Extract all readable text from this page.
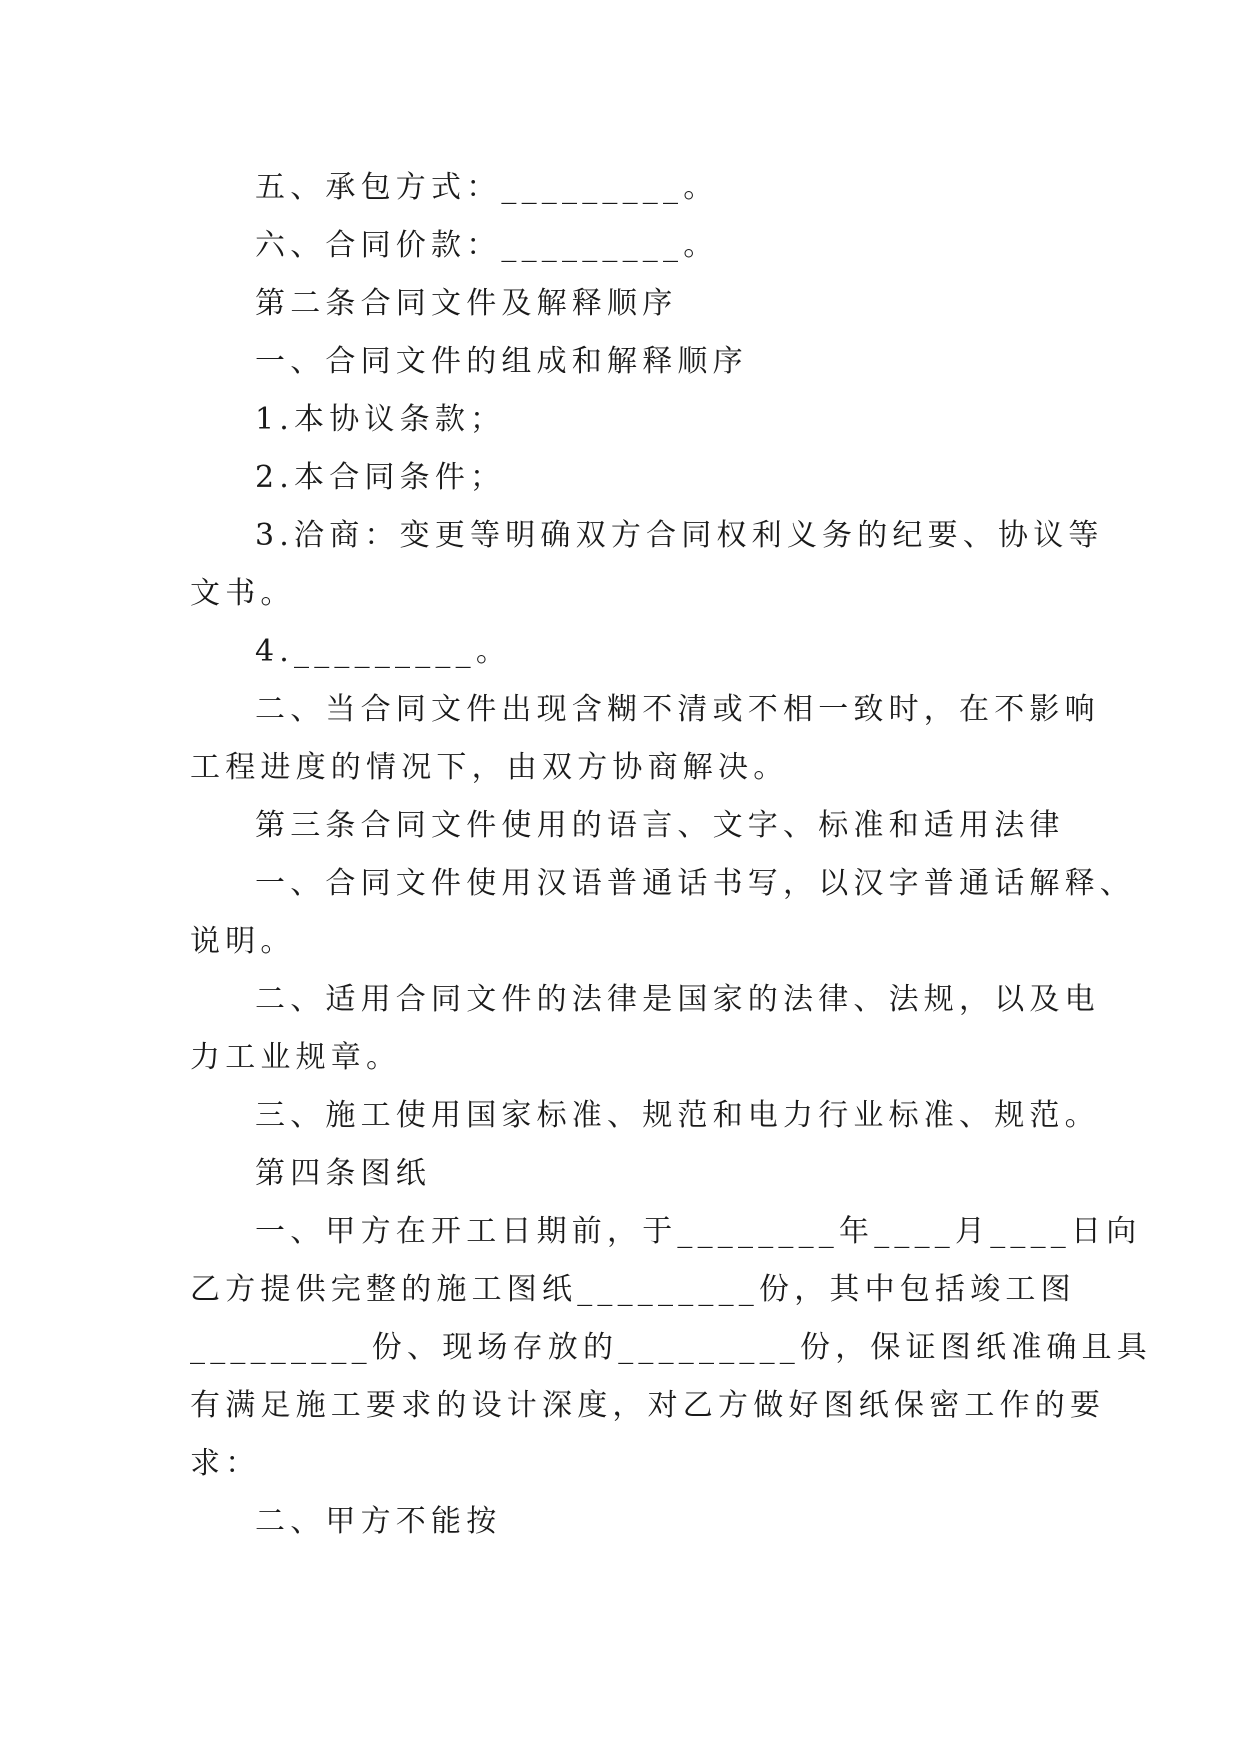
五、承包方式：_________。
六、合同价款：_________。
第二条合同文件及解释顺序
一、合同文件的组成和解释顺序
1.本协议条款；
2.本合同条件；
3.洽商：变更等明确双方合同权利义务的纪要、协议等
文书。
4._________。
二、当合同文件出现含糊不清或不相一致时，在不影响
工程进度的情况下，由双方协商解决。
第三条合同文件使用的语言、文字、标准和适用法律
一、合同文件使用汉语普通话书写，以汉字普通话解释、
说明。
二、适用合同文件的法律是国家的法律、法规，以及电
力工业规章。
三、施工使用国家标准、规范和电力行业标准、规范。
第四条图纸
一、甲方在开工日期前，于________年____月____日向
乙方提供完整的施工图纸_________份，其中包括竣工图
_________份、现场存放的_________份，保证图纸准确且具
有满足施工要求的设计深度，对乙方做好图纸保密工作的要
求：
二、甲方不能按
